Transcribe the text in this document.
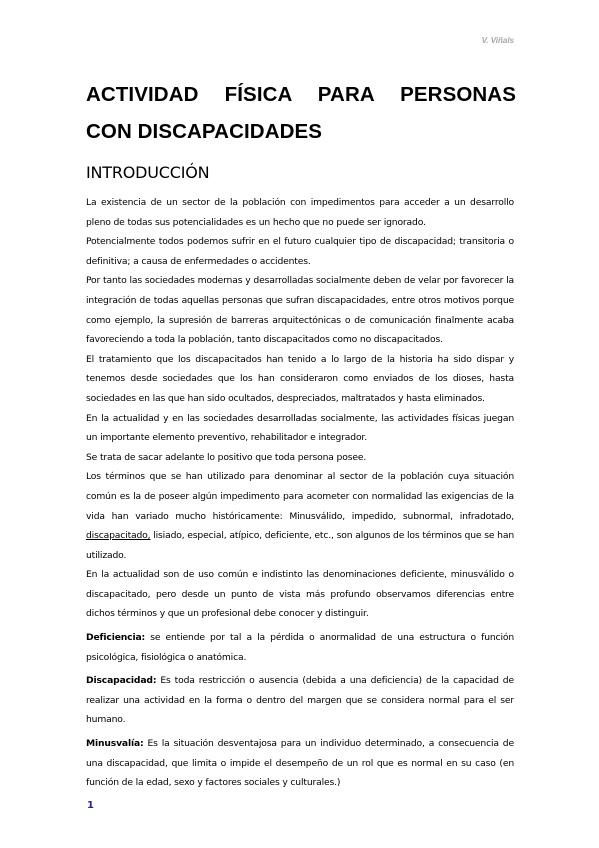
V. Viñals
ACTIVIDAD FÍSICA PARA PERSONAS
CON DISCAPACIDADES
INTRODUCCIÓN

La existencia de un sector de la población con impedimentos para acceder a un desarrollo pleno de todas sus potencialidades es un hecho que no puede ser ignorado.

Potencialmente todos podemos sufrir en el futuro cualquier tipo de discapacidad; transitoria o definitiva; a causa de enfermedades o accidentes.

Por tanto las sociedades modernas y desarrolladas socialmente deben de velar por favorecer la integración de todas aquellas personas que sufran discapacidades, entre otros motivos porque como ejemplo, la supresión de barreras arquitectónicas o de comunicación finalmente acaba favoreciendo a toda la población, tanto discapacitados como no discapacitados.

El tratamiento que los discapacitados han tenido a lo largo de la historia ha sido dispar y tenemos desde sociedades que los han consideraron como enviados de los dioses, hasta sociedades en las que han sido ocultados, despreciados, maltratados y hasta eliminados.

En la actualidad y en las sociedades desarrolladas socialmente, las actividades físicas juegan un importante elemento preventivo, rehabilitador e integrador.

Se trata de sacar adelante lo positivo que toda persona posee.

Los términos que se han utilizado para denominar al sector de la población cuya situación común es la de poseer algún impedimento para acometer con normalidad las exigencias de la vida han variado mucho históricamente: Minusválido, impedido, subnormal, infradotado, discapacitado, lisiado, especial, atípico, deficiente, etc., son algunos de los términos que se han utilizado.

En la actualidad son de uso común e indistinto las denominaciones deficiente, minusválido o discapacitado, pero desde un punto de vista más profundo observamos diferencias entre dichos términos y que un profesional debe conocer y distinguir.

Deficiencia: se entiende por tal a la pérdida o anormalidad de una estructura o función psicológica, fisiológica o anatómica.

Discapacidad: Es toda restricción o ausencia (debida a una deficiencia) de la capacidad de realizar una actividad en la forma o dentro del margen que se considera normal para el ser humano.

Minusvalía: Es la situación desventajosa para un individuo determinado, a consecuencia de una discapacidad, que limita o impide el desempeño de un rol que es normal en su caso (en función de la edad, sexo y factores sociales y culturales.)

1
